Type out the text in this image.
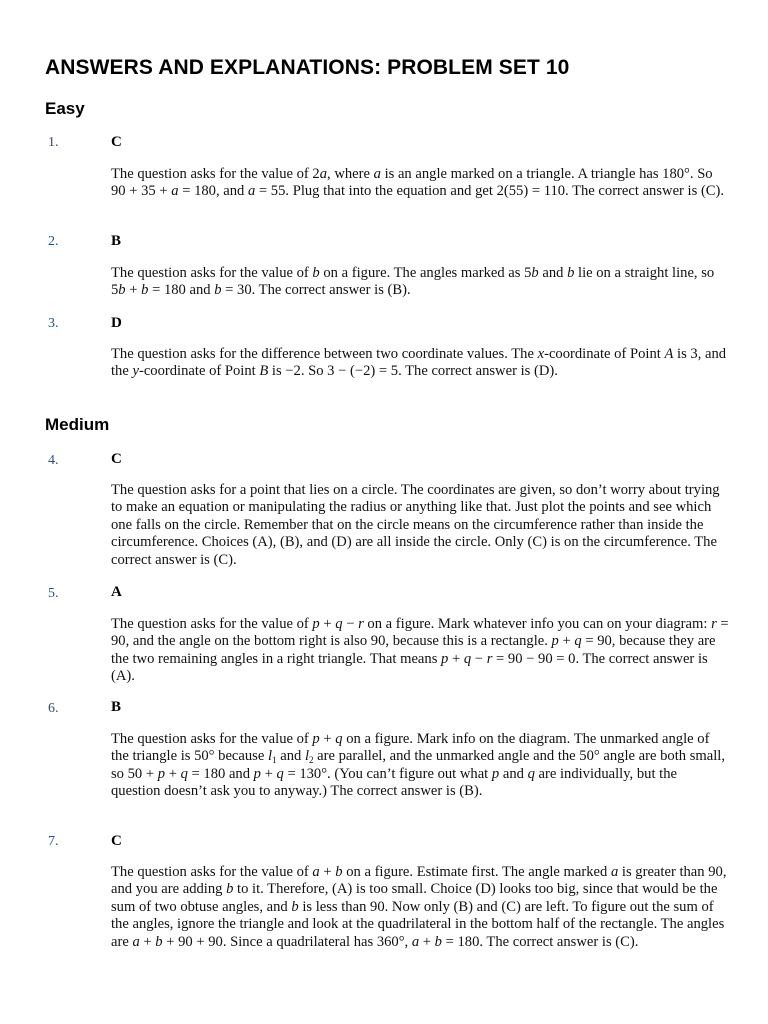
ANSWERS AND EXPLANATIONS: PROBLEM SET 10
Easy
1.	C

The question asks for the value of 2a, where a is an angle marked on a triangle. A triangle has 180°. So 90 + 35 + a = 180, and a = 55. Plug that into the equation and get 2(55) = 110. The correct answer is (C).

2.	B

The question asks for the value of b on a figure. The angles marked as 5b and b lie on a straight line, so 5b + b = 180 and b = 30. The correct answer is (B).

3.	D

The question asks for the difference between two coordinate values. The x-coordinate of Point A is 3, and the y-coordinate of Point B is −2. So 3 − (−2) = 5. The correct answer is (D).

Medium
4.	C

The question asks for a point that lies on a circle. The coordinates are given, so don’t worry about trying to make an equation or manipulating the radius or anything like that. Just plot the points and see which one falls on the circle. Remember that on the circle means on the circumference rather than inside the circumference. Choices (A), (B), and (D) are all inside the circle. Only (C) is on the circumference. The correct answer is (C).

5.	A

The question asks for the value of p + q − r on a figure. Mark whatever info you can on your diagram: r = 90, and the angle on the bottom right is also 90, because this is a rectangle. p + q = 90, because they are the two remaining angles in a right triangle. That means p + q − r = 90 − 90 = 0. The correct answer is (A).

6.	B

The question asks for the value of p + q on a figure. Mark info on the diagram. The unmarked angle of the triangle is 50° because $l_1$ and $l_2$ are parallel, and the unmarked angle and the 50° angle are both small, so 50 + p + q = 180 and p + q = 130°. (You can’t figure out what p and q are individually, but the question doesn’t ask you to anyway.) The correct answer is (B).

7.	C

The question asks for the value of a + b on a figure. Estimate first. The angle marked a is greater than 90, and you are adding b to it. Therefore, (A) is too small. Choice (D) looks too big, since that would be the sum of two obtuse angles, and b is less than 90. Now only (B) and (C) are left. To figure out the sum of the angles, ignore the triangle and look at the quadrilateral in the bottom half of the rectangle. The angles are a + b + 90 + 90. Since a quadrilateral has 360°, a + b = 180. The correct answer is (C).
